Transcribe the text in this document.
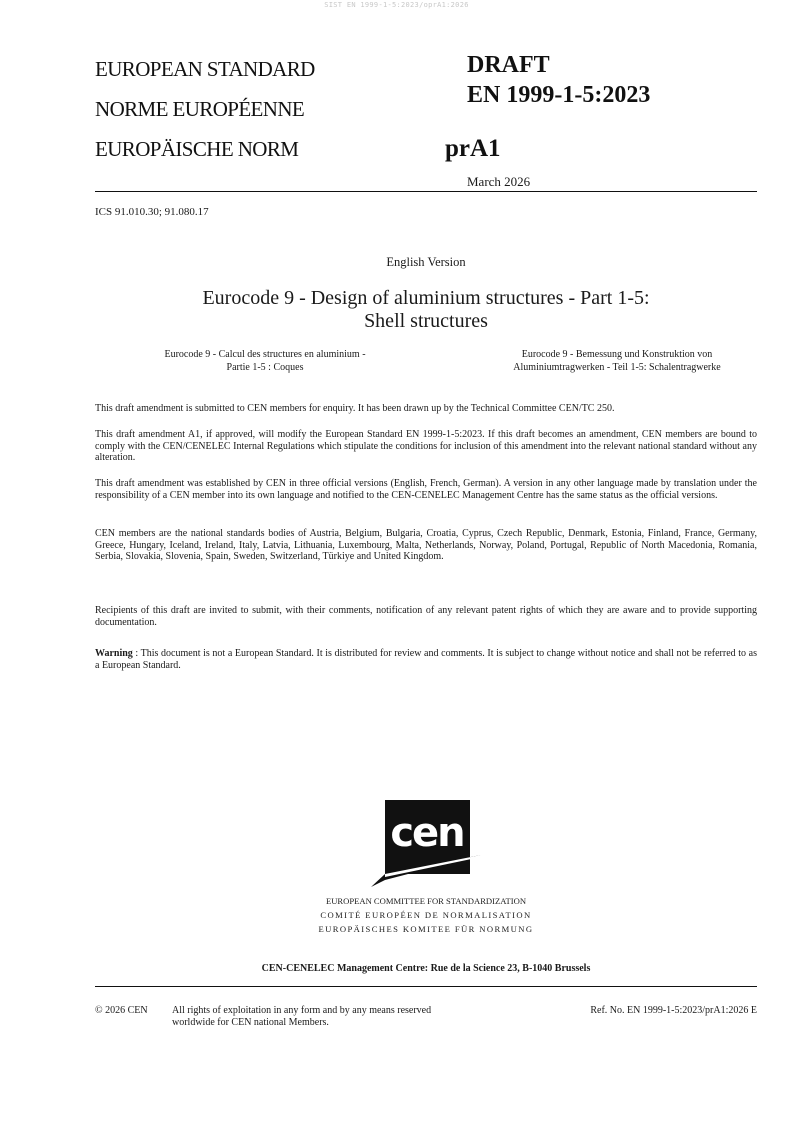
SIST EN 1999-1-5:2023/oprA1:2026
EUROPEAN STANDARD
NORME EUROPÉENNE
EUROPÄISCHE NORM
DRAFT
EN 1999-1-5:2023
prA1
March 2026
ICS 91.010.30; 91.080.17
English Version
Eurocode 9 - Design of aluminium structures - Part 1-5:
Shell structures
Eurocode 9 - Calcul des structures en aluminium -
Partie 1-5 : Coques
Eurocode 9 - Bemessung und Konstruktion von
Aluminiumtragwerken - Teil 1-5: Schalentragwerke
This draft amendment is submitted to CEN members for enquiry. It has been drawn up by the Technical Committee CEN/TC 250.
This draft amendment A1, if approved, will modify the European Standard EN 1999-1-5:2023. If this draft becomes an amendment, CEN members are bound to comply with the CEN/CENELEC Internal Regulations which stipulate the conditions for inclusion of this amendment into the relevant national standard without any alteration.
This draft amendment was established by CEN in three official versions (English, French, German). A version in any other language made by translation under the responsibility of a CEN member into its own language and notified to the CEN-CENELEC Management Centre has the same status as the official versions.
CEN members are the national standards bodies of Austria, Belgium, Bulgaria, Croatia, Cyprus, Czech Republic, Denmark, Estonia, Finland, France, Germany, Greece, Hungary, Iceland, Ireland, Italy, Latvia, Lithuania, Luxembourg, Malta, Netherlands, Norway, Poland, Portugal, Republic of North Macedonia, Romania, Serbia, Slovakia, Slovenia, Spain, Sweden, Switzerland, Türkiye and United Kingdom.
Recipients of this draft are invited to submit, with their comments, notification of any relevant patent rights of which they are aware and to provide supporting documentation.
Warning : This document is not a European Standard. It is distributed for review and comments. It is subject to change without notice and shall not be referred to as a European Standard.
cen
EUROPEAN COMMITTEE FOR STANDARDIZATION
COMITÉ EUROPÉEN DE NORMALISATION
EUROPÄISCHES KOMITEE FÜR NORMUNG
CEN-CENELEC Management Centre: Rue de la Science 23, B-1040 Brussels
© 2026 CEN All rights of exploitation in any form and by any means reserved
worldwide for CEN national Members.
Ref. No. EN 1999-1-5:2023/prA1:2026 E
